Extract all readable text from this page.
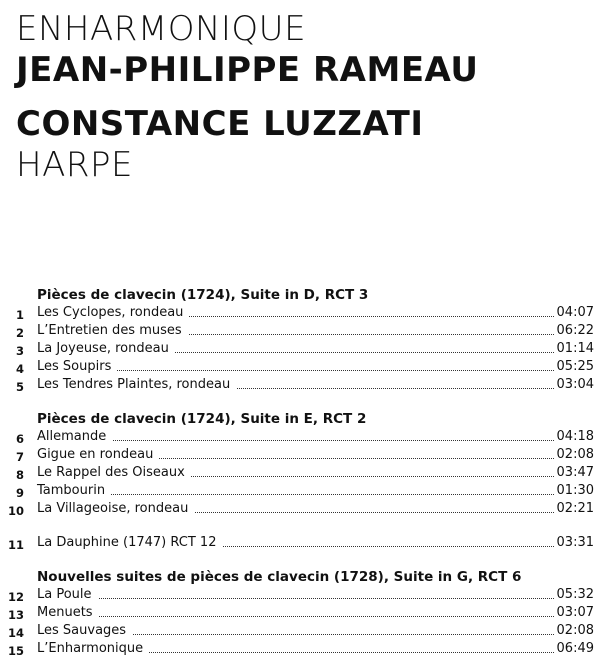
ENHARMONIQUE
JEAN-PHILIPPE RAMEAU
CONSTANCE LUZZATI
HARPE
Pièces de clavecin (1724), Suite in D, RCT 3
1 Les Cyclopes, rondeau	04:07
2 L’Entretien des muses	06:22
3 La Joyeuse, rondeau	01:14
4 Les Soupirs	05:25
5 Les Tendres Plaintes, rondeau	03:04
Pièces de clavecin (1724), Suite in E, RCT 2
6 Allemande	04:18
7 Gigue en rondeau	02:08
8 Le Rappel des Oiseaux	03:47
9 Tambourin	01:30
10 La Villageoise, rondeau	02:21
11 La Dauphine (1747) RCT 12	03:31
Nouvelles suites de pièces de clavecin (1728), Suite in G, RCT 6
12 La Poule	05:32
13 Menuets	03:07
14 Les Sauvages	02:08
15 L’Enharmonique	06:49
